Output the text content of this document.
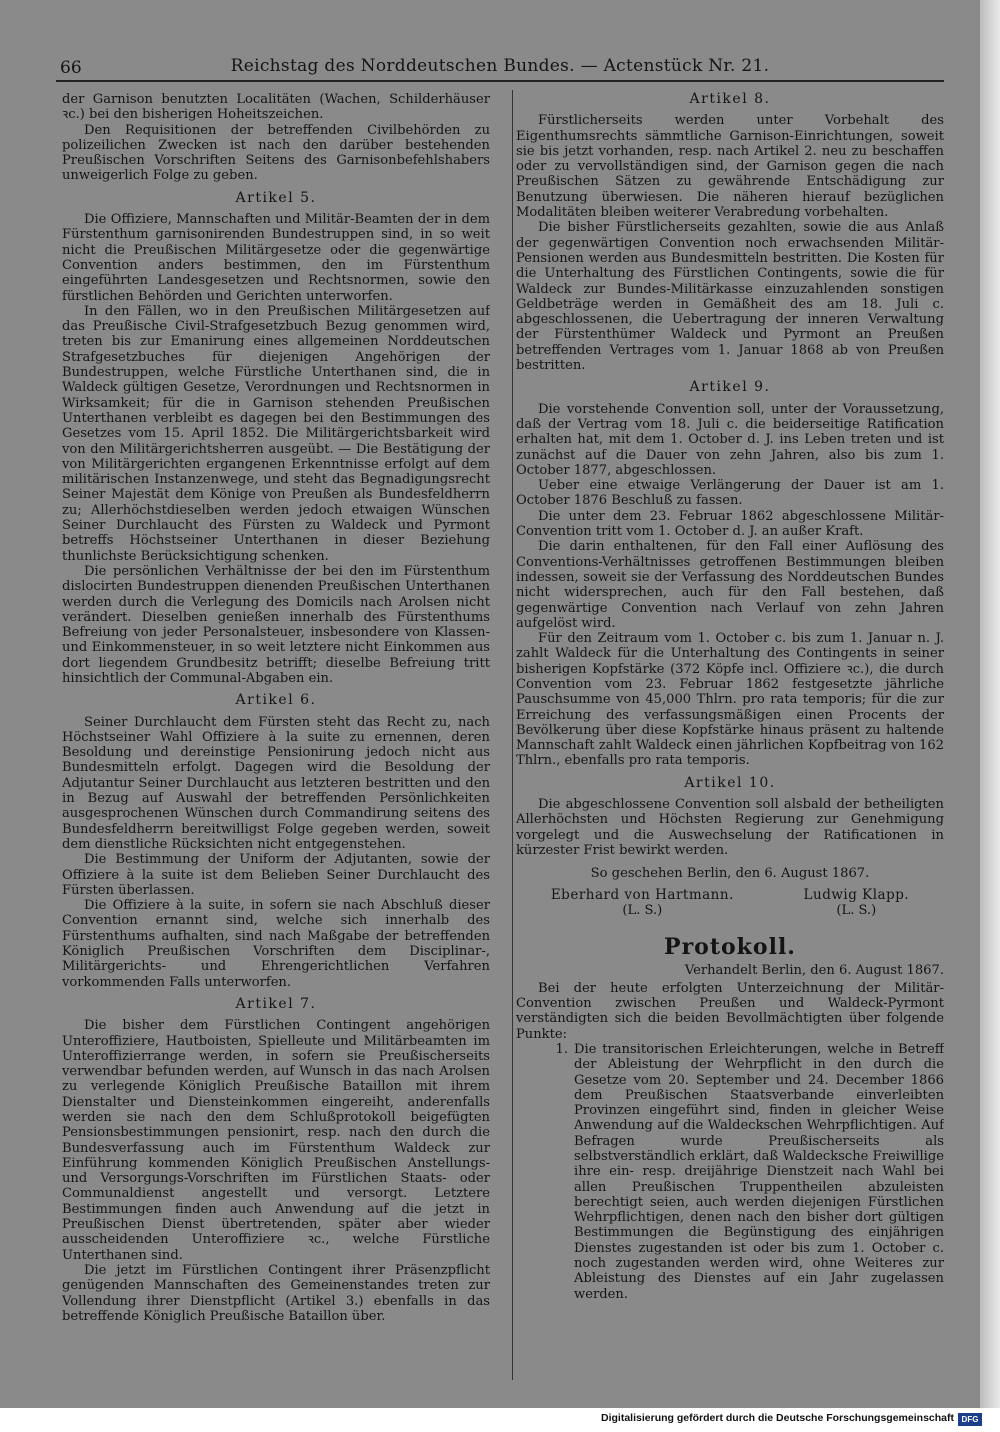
66	Reichstag des Norddeutschen Bundes. — Actenstück Nr. 21.

der Garnison benutzten Localitäten (Wachen, Schilderhäuser ꝛc.) bei den bisherigen Hoheitszeichen.

Den Requisitionen der betreffenden Civilbehörden zu polizeilichen Zwecken ist nach den darüber bestehenden Preußischen Vorschriften Seitens des Garnisonbefehlshabers unweigerlich Folge zu geben.

Artikel 5.

Die Offiziere, Mannschaften und Militär-Beamten der in dem Fürstenthum garnisonirenden Bundestruppen sind, in so weit nicht die Preußischen Militärgesetze oder die gegenwärtige Convention anders bestimmen, den im Fürstenthum eingeführten Landesgesetzen und Rechtsnormen, sowie den fürstlichen Behörden und Gerichten unterworfen.

In den Fällen, wo in den Preußischen Militärgesetzen auf das Preußische Civil-Strafgesetzbuch Bezug genommen wird, treten bis zur Emanirung eines allgemeinen Norddeutschen Strafgesetzbuches für diejenigen Angehörigen der Bundestruppen, welche Fürstliche Unterthanen sind, die in Waldeck gültigen Gesetze, Verordnungen und Rechtsnormen in Wirksamkeit; für die in Garnison stehenden Preußischen Unterthanen verbleibt es dagegen bei den Bestimmungen des Gesetzes vom 15. April 1852. Die Militärgerichtsbarkeit wird von den Militärgerichtsherren ausgeübt. — Die Bestätigung der von Militärgerichten ergangenen Erkenntnisse erfolgt auf dem militärischen Instanzenwege, und steht das Begnadigungsrecht Seiner Majestät dem Könige von Preußen als Bundesfeldherrn zu; Allerhöchstdieselben werden jedoch etwaigen Wünschen Seiner Durchlaucht des Fürsten zu Waldeck und Pyrmont betreffs Höchstseiner Unterthanen in dieser Beziehung thunlichste Berücksichtigung schenken.

Die persönlichen Verhältnisse der bei den im Fürstenthum dislocirten Bundestruppen dienenden Preußischen Unterthanen werden durch die Verlegung des Domicils nach Arolsen nicht verändert. Dieselben genießen innerhalb des Fürstenthums Befreiung von jeder Personalsteuer, insbesondere von Klassen- und Einkommensteuer, in so weit letztere nicht Einkommen aus dort liegendem Grundbesitz betrifft; dieselbe Befreiung tritt hinsichtlich der Communal-Abgaben ein.

Artikel 6.

Seiner Durchlaucht dem Fürsten steht das Recht zu, nach Höchstseiner Wahl Offiziere à la suite zu ernennen, deren Besoldung und dereinstige Pensionirung jedoch nicht aus Bundesmitteln erfolgt. Dagegen wird die Besoldung der Adjutantur Seiner Durchlaucht aus letzteren bestritten und den in Bezug auf Auswahl der betreffenden Persönlichkeiten ausgesprochenen Wünschen durch Commandirung seitens des Bundesfeldherrn bereitwilligst Folge gegeben werden, soweit dem dienstliche Rücksichten nicht entgegenstehen.

Die Bestimmung der Uniform der Adjutanten, sowie der Offiziere à la suite ist dem Belieben Seiner Durchlaucht des Fürsten überlassen.

Die Offiziere à la suite, in sofern sie nach Abschluß dieser Convention ernannt sind, welche sich innerhalb des Fürstenthums aufhalten, sind nach Maßgabe der betreffenden Königlich Preußischen Vorschriften dem Disciplinar-, Militärgerichts- und Ehrengerichtlichen Verfahren vorkommenden Falls unterworfen.

Artikel 7.

Die bisher dem Fürstlichen Contingent angehörigen Unteroffiziere, Hautboisten, Spielleute und Militärbeamten im Unteroffizierrange werden, in sofern sie Preußischerseits verwendbar befunden werden, auf Wunsch in das nach Arolsen zu verlegende Königlich Preußische Bataillon mit ihrem Dienstalter und Diensteinkommen eingereiht, anderenfalls werden sie nach den dem Schlußprotokoll beigefügten Pensionsbestimmungen pensionirt, resp. nach den durch die Bundesverfassung auch im Fürstenthum Waldeck zur Einführung kommenden Königlich Preußischen Anstellungs- und Versorgungs-Vorschriften im Fürstlichen Staats- oder Communaldienst angestellt und versorgt. Letztere Bestimmungen finden auch Anwendung auf die jetzt in Preußischen Dienst übertretenden, später aber wieder ausscheidenden Unteroffiziere ꝛc., welche Fürstliche Unterthanen sind.

Die jetzt im Fürstlichen Contingent ihrer Präsenzpflicht genügenden Mannschaften des Gemeinenstandes treten zur Vollendung ihrer Dienstpflicht (Artikel 3.) ebenfalls in das betreffende Königlich Preußische Bataillon über.

Artikel 8.

Fürstlicherseits werden unter Vorbehalt des Eigenthumsrechts sämmtliche Garnison-Einrichtungen, soweit sie bis jetzt vorhanden, resp. nach Artikel 2. neu zu beschaffen oder zu vervollständigen sind, der Garnison gegen die nach Preußischen Sätzen zu gewährende Entschädigung zur Benutzung überwiesen. Die näheren hierauf bezüglichen Modalitäten bleiben weiterer Verabredung vorbehalten.

Die bisher Fürstlicherseits gezahlten, sowie die aus Anlaß der gegenwärtigen Convention noch erwachsenden Militär-Pensionen werden aus Bundesmitteln bestritten. Die Kosten für die Unterhaltung des Fürstlichen Contingents, sowie die für Waldeck zur Bundes-Militärkasse einzuzahlenden sonstigen Geldbeträge werden in Gemäßheit des am 18. Juli c. abgeschlossenen, die Uebertragung der inneren Verwaltung der Fürstenthümer Waldeck und Pyrmont an Preußen betreffenden Vertrages vom 1. Januar 1868 ab von Preußen bestritten.

Artikel 9.

Die vorstehende Convention soll, unter der Voraussetzung, daß der Vertrag vom 18. Juli c. die beiderseitige Ratification erhalten hat, mit dem 1. October d. J. ins Leben treten und ist zunächst auf die Dauer von zehn Jahren, also bis zum 1. October 1877, abgeschlossen.

Ueber eine etwaige Verlängerung der Dauer ist am 1. October 1876 Beschluß zu fassen.

Die unter dem 23. Februar 1862 abgeschlossene Militär-Convention tritt vom 1. October d. J. an außer Kraft.

Die darin enthaltenen, für den Fall einer Auflösung des Conventions-Verhältnisses getroffenen Bestimmungen bleiben indessen, soweit sie der Verfassung des Norddeutschen Bundes nicht widersprechen, auch für den Fall bestehen, daß gegenwärtige Convention nach Verlauf von zehn Jahren aufgelöst wird.

Für den Zeitraum vom 1. October c. bis zum 1. Januar n. J. zahlt Waldeck für die Unterhaltung des Contingents in seiner bisherigen Kopfstärke (372 Köpfe incl. Offiziere ꝛc.), die durch Convention vom 23. Februar 1862 festgesetzte jährliche Pauschsumme von 45,000 Thlrn. pro rata temporis; für die zur Erreichung des verfassungsmäßigen einen Procents der Bevölkerung über diese Kopfstärke hinaus präsent zu haltende Mannschaft zahlt Waldeck einen jährlichen Kopfbeitrag von 162 Thlrn., ebenfalls pro rata temporis.

Artikel 10.

Die abgeschlossene Convention soll alsbald der betheiligten Allerhöchsten und Höchsten Regierung zur Genehmigung vorgelegt und die Auswechselung der Ratificationen in kürzester Frist bewirkt werden.

So geschehen Berlin, den 6. August 1867.

Eberhard von Hartmann.
(L. S.)
Ludwig Klapp.
(L. S.)
Protokoll.

Verhandelt Berlin, den 6. August 1867.

Bei der heute erfolgten Unterzeichnung der Militär-Convention zwischen Preußen und Waldeck-Pyrmont verständigten sich die beiden Bevollmächtigten über folgende Punkte:

1. Die transitorischen Erleichterungen, welche in Betreff der Ableistung der Wehrpflicht in den durch die Gesetze vom 20. September und 24. December 1866 dem Preußischen Staatsverbande einverleibten Provinzen eingeführt sind, finden in gleicher Weise Anwendung auf die Waldeckschen Wehrpflichtigen. Auf Befragen wurde Preußischerseits als selbstverständlich erklärt, daß Waldecksche Freiwillige ihre ein- resp. dreijährige Dienstzeit nach Wahl bei allen Preußischen Truppentheilen abzuleisten berechtigt seien, auch werden diejenigen Fürstlichen Wehrpflichtigen, denen nach den bisher dort gültigen Bestimmungen die Begünstigung des einjährigen Dienstes zugestanden ist oder bis zum 1. October c. noch zugestanden werden wird, ohne Weiteres zur Ableistung des Dienstes auf ein Jahr zugelassen werden.
Digitalisierung gefördert durch die Deutsche Forschungsgemeinschaft DFG
